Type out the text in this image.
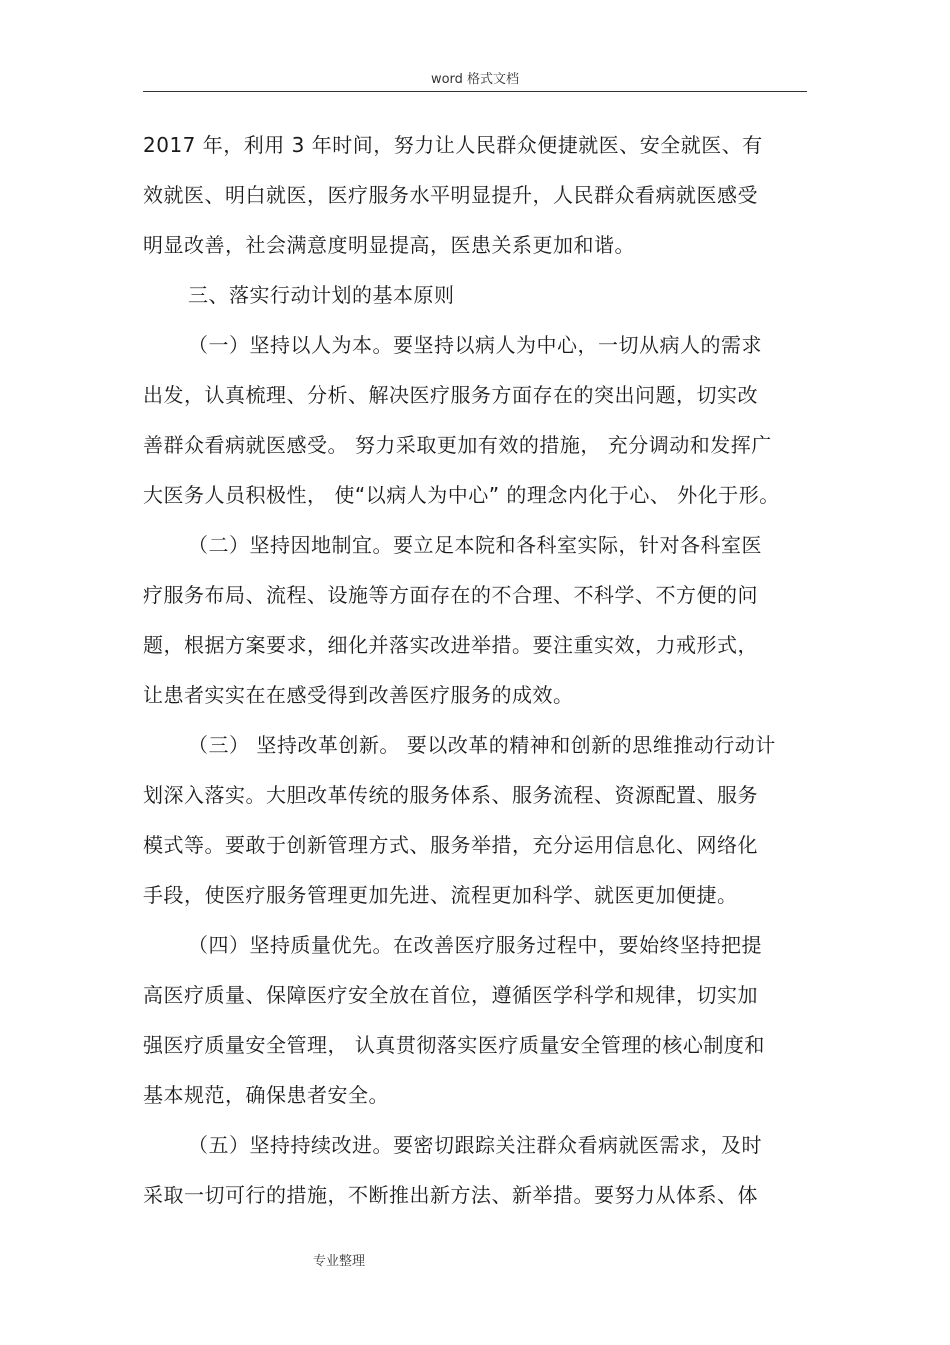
word 格式文档
2017 年，利用 3 年时间，努力让人民群众便捷就医、安全就医、有
效就医、明白就医，医疗服务水平明显提升，人民群众看病就医感受
明显改善，社会满意度明显提高，医患关系更加和谐。
三、落实行动计划的基本原则
（一）坚持以人为本。要坚持以病人为中心，一切从病人的需求
出发，认真梳理、分析、解决医疗服务方面存在的突出问题，切实改
善群众看病就医感受。 努力采取更加有效的措施， 充分调动和发挥广
大医务人员积极性， 使“以病人为中心” 的理念内化于心、 外化于形。
（二）坚持因地制宜。要立足本院和各科室实际，针对各科室医
疗服务布局、流程、设施等方面存在的不合理、不科学、不方便的问
题，根据方案要求，细化并落实改进举措。要注重实效，力戒形式，
让患者实实在在感受得到改善医疗服务的成效。
（三） 坚持改革创新。 要以改革的精神和创新的思维推动行动计
划深入落实。大胆改革传统的服务体系、服务流程、资源配置、服务
模式等。要敢于创新管理方式、服务举措，充分运用信息化、网络化
手段，使医疗服务管理更加先进、流程更加科学、就医更加便捷。
（四）坚持质量优先。在改善医疗服务过程中，要始终坚持把提
高医疗质量、保障医疗安全放在首位，遵循医学科学和规律，切实加
强医疗质量安全管理， 认真贯彻落实医疗质量安全管理的核心制度和
基本规范，确保患者安全。
（五）坚持持续改进。要密切跟踪关注群众看病就医需求，及时
采取一切可行的措施，不断推出新方法、新举措。要努力从体系、体
专业整理
